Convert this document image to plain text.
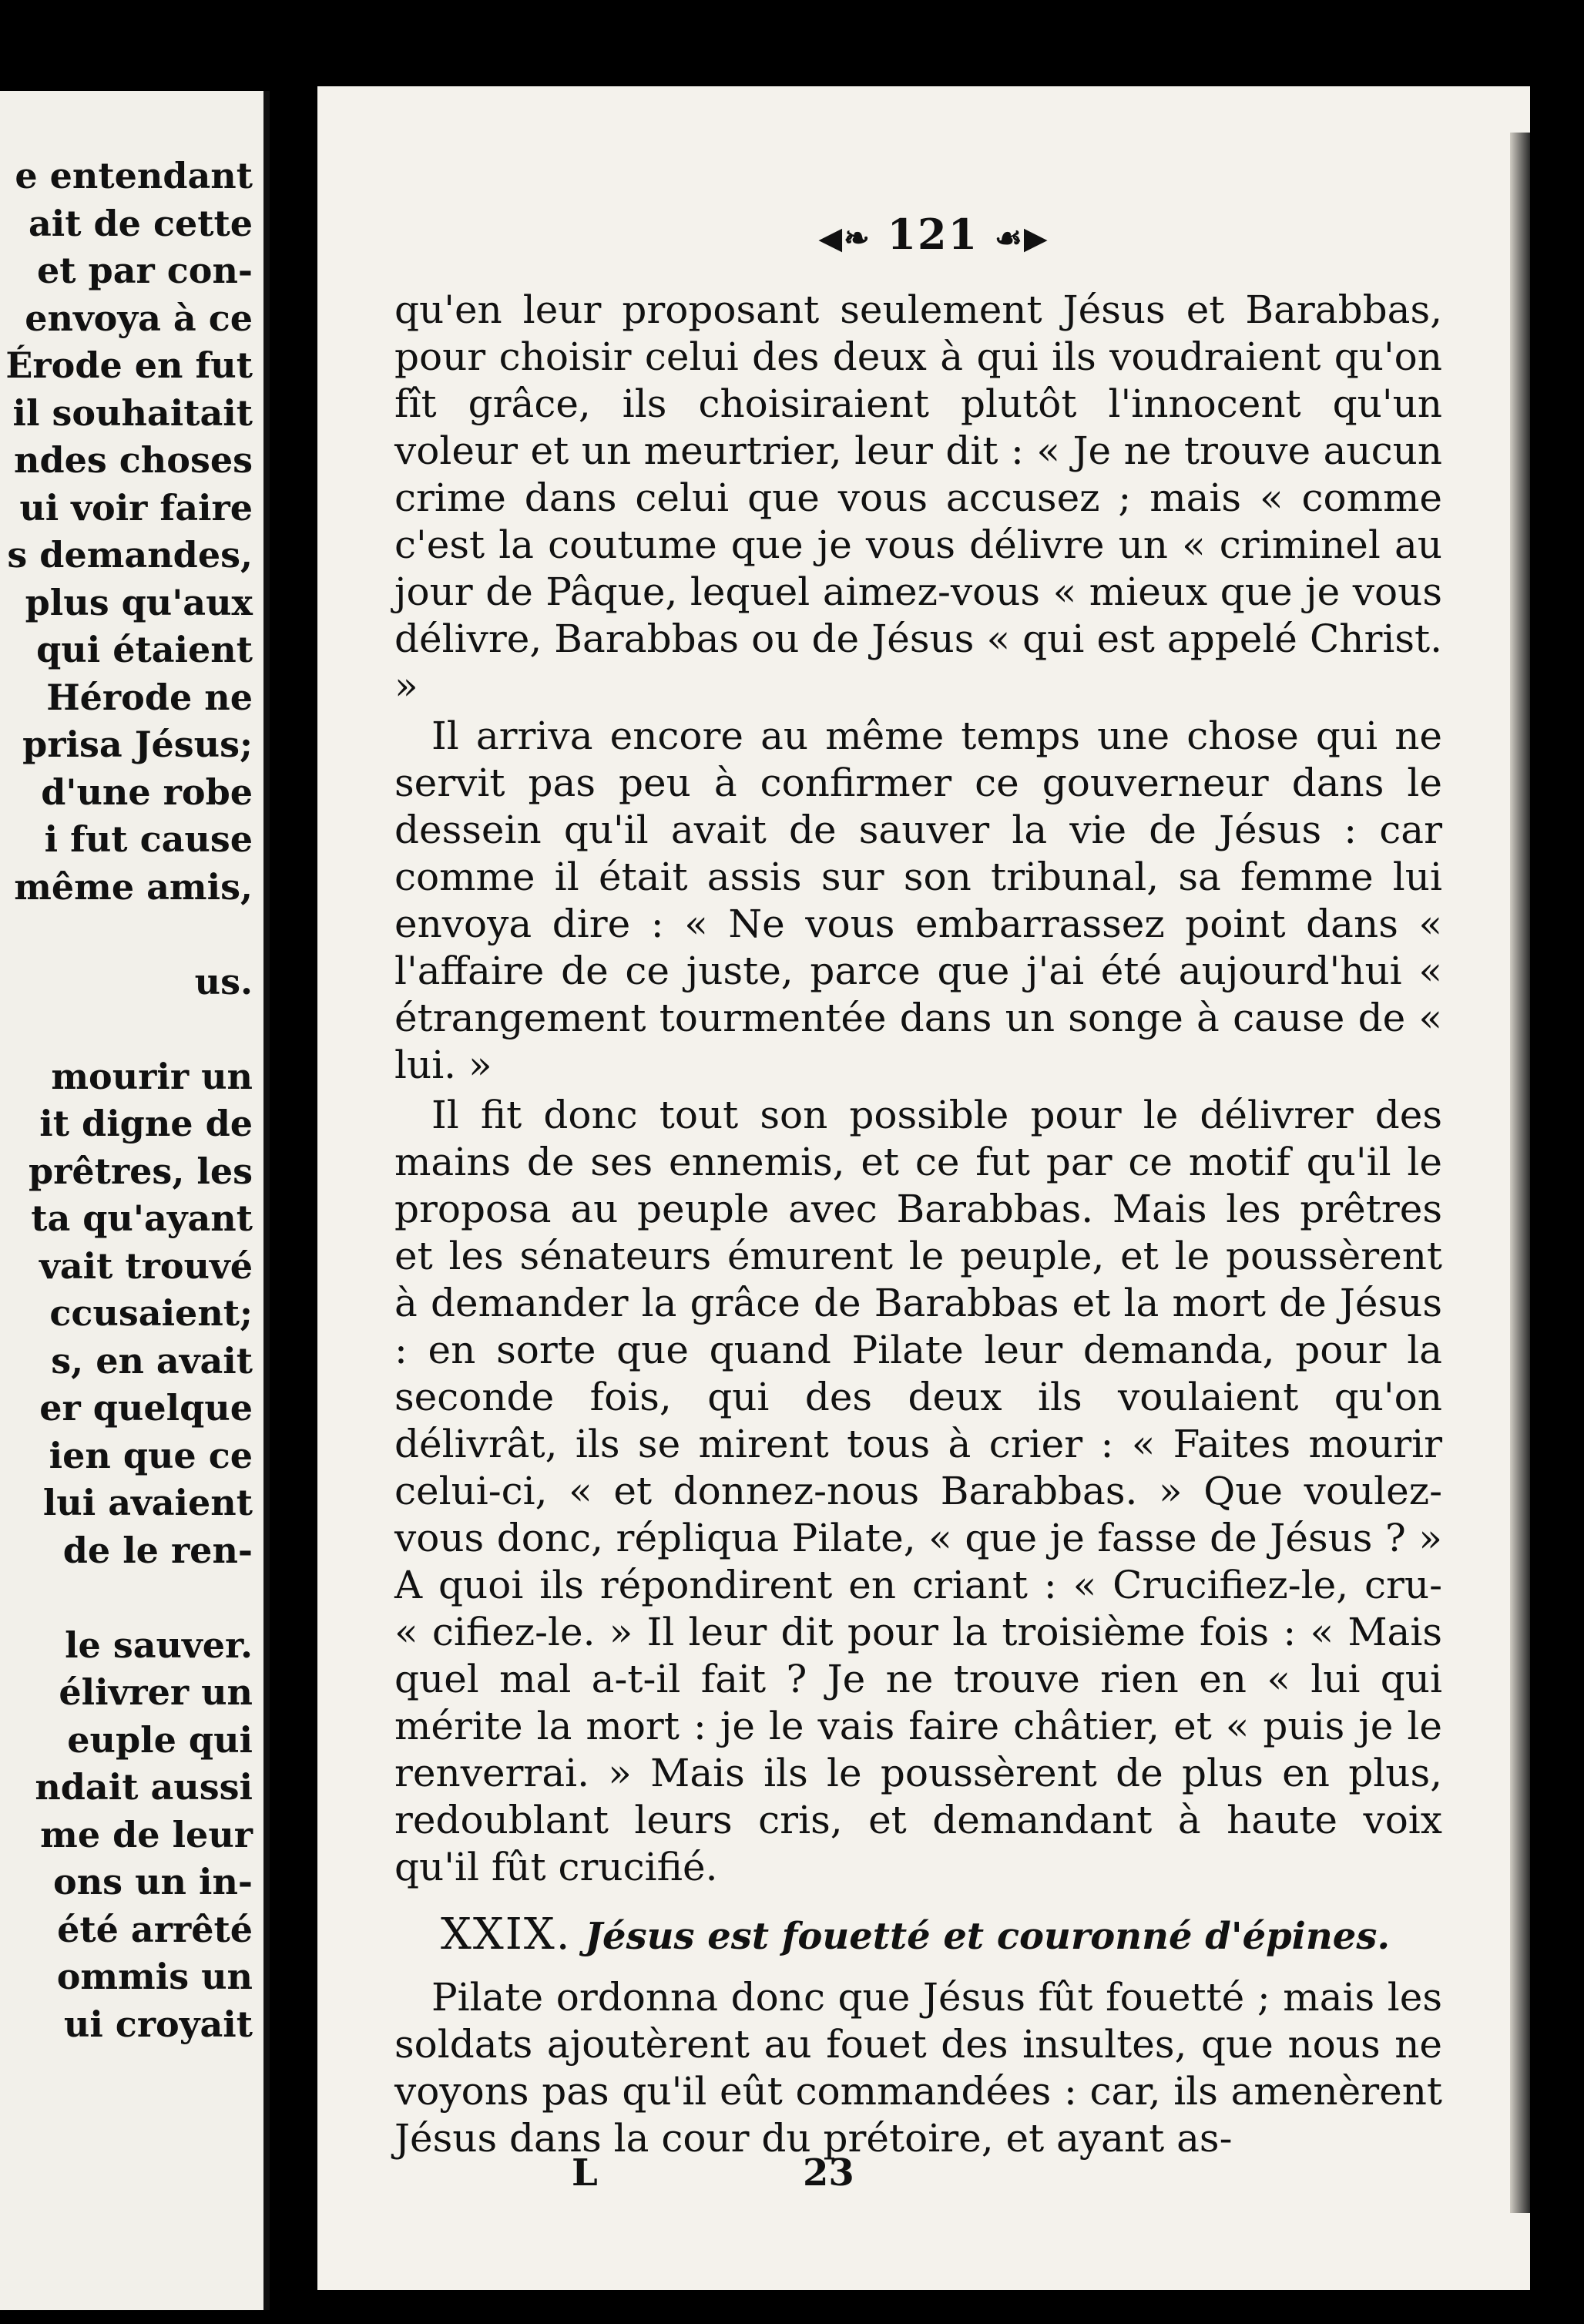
e entendant
ait de cette
et par con-
envoya à ce
Érode en fut
il souhaitait
ndes choses
ui voir faire
s demandes,
plus qu'aux
qui étaient
Hérode ne
prisa Jésus;
d'une robe
i fut cause
même amis,
us.
mourir un
it digne de
prêtres, les
ta qu'ayant
vait trouvé
ccusaient;
s, en avait
er quelque
ien que ce
lui avaient
de le ren-
le sauver.
élivrer un
euple qui
ndait aussi
me de leur
ons un in-
été arrêté
ommis un
ui croyait
◀❧ 121 ☙▶

qu'en leur proposant seulement Jésus et Barabbas, pour choisir celui des deux à qui ils voudraient qu'on fît grâce, ils choisiraient plutôt l'innocent qu'un voleur et un meurtrier, leur dit : « Je ne trouve aucun crime dans celui que vous accusez ; mais « comme c'est la coutume que je vous délivre un « criminel au jour de Pâque, lequel aimez-vous « mieux que je vous délivre, Barabbas ou de Jésus « qui est appelé Christ. »

Il arriva encore au même temps une chose qui ne servit pas peu à confirmer ce gouverneur dans le dessein qu'il avait de sauver la vie de Jésus : car comme il était assis sur son tribunal, sa femme lui envoya dire : « Ne vous embarrassez point dans « l'affaire de ce juste, parce que j'ai été aujourd'hui « étrangement tourmentée dans un songe à cause de « lui. »

Il fit donc tout son possible pour le délivrer des mains de ses ennemis, et ce fut par ce motif qu'il le proposa au peuple avec Barabbas. Mais les prêtres et les sénateurs émurent le peuple, et le poussèrent à demander la grâce de Barabbas et la mort de Jésus : en sorte que quand Pilate leur demanda, pour la seconde fois, qui des deux ils voulaient qu'on délivrât, ils se mirent tous à crier : « Faites mourir celui-ci, « et donnez-nous Barabbas. » Que voulez-vous donc, répliqua Pilate, « que je fasse de Jésus ? » A quoi ils répondirent en criant : « Crucifiez-le, cru- « cifiez-le. » Il leur dit pour la troisième fois : « Mais quel mal a-t-il fait ? Je ne trouve rien en « lui qui mérite la mort : je le vais faire châtier, et « puis je le renverrai. » Mais ils le poussèrent de plus en plus, redoublant leurs cris, et demandant à haute voix qu'il fût crucifié.

XXIX. Jésus est fouetté et couronné d'épines.

Pilate ordonna donc que Jésus fût fouetté ; mais les soldats ajoutèrent au fouet des insultes, que nous ne voyons pas qu'il eût commandées : car, ils amenèrent Jésus dans la cour du prétoire, et ayant as-

L	23
